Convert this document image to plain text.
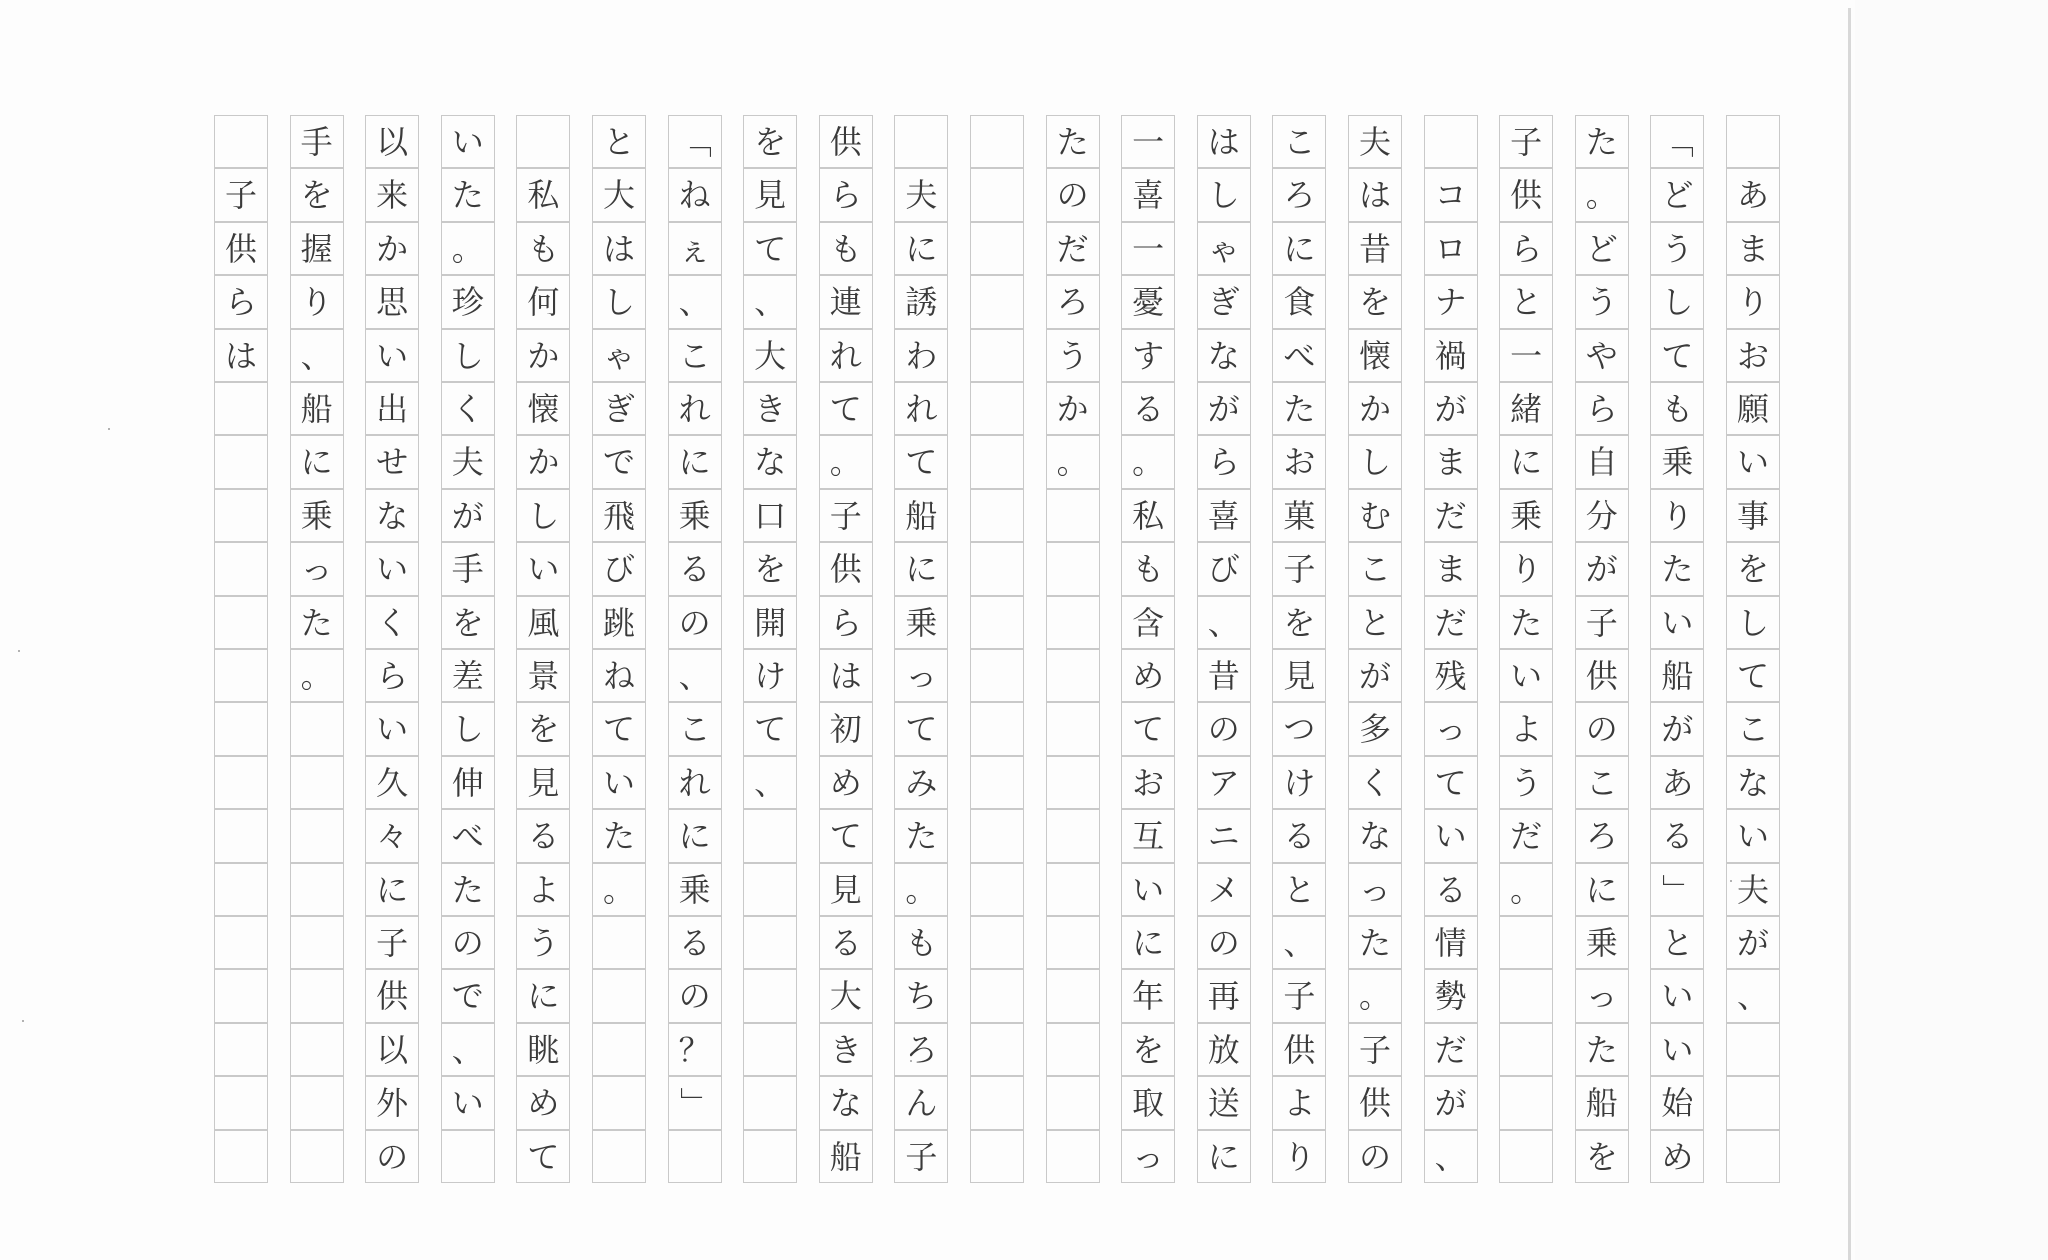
あ
ま
り
お
願
い
事
を
し
て
こ
な
い
夫
が
、
「
ど
う
し
て
も
乗
り
た
い
船
が
あ
る
」
と
い
い
始
め
た
。
ど
う
や
ら
自
分
が
子
供
の
こ
ろ
に
乗
っ
た
船
を
子
供
ら
と
一
緒
に
乗
り
た
い
よ
う
だ
。
コ
ロ
ナ
禍
が
ま
だ
ま
だ
残
っ
て
い
る
情
勢
だ
が
、
夫
は
昔
を
懐
か
し
む
こ
と
が
多
く
な
っ
た
。
子
供
の
こ
ろ
に
食
べ
た
お
菓
子
を
見
つ
け
る
と
、
子
供
よ
り
は
し
ゃ
ぎ
な
が
ら
喜
び
、
昔
の
ア
ニ
メ
の
再
放
送
に
一
喜
一
憂
す
る
。
私
も
含
め
て
お
互
い
に
年
を
取
っ
た
の
だ
ろ
う
か
。
夫
に
誘
わ
れ
て
船
に
乗
っ
て
み
た
。
も
ち
ろ
ん
子
供
ら
も
連
れ
て
。
子
供
ら
は
初
め
て
見
る
大
き
な
船
を
見
て
、
大
き
な
口
を
開
け
て
、
「
ね
ぇ
、
こ
れ
に
乗
る
の
、
こ
れ
に
乗
る
の
？
」
と
大
は
し
ゃ
ぎ
で
飛
び
跳
ね
て
い
た
。
私
も
何
か
懐
か
し
い
風
景
を
見
る
よ
う
に
眺
め
て
い
た
。
珍
し
く
夫
が
手
を
差
し
伸
べ
た
の
で
、
い
以
来
か
思
い
出
せ
な
い
く
ら
い
久
々
に
子
供
以
外
の
手
を
握
り
、
船
に
乗
っ
た
。
子
供
ら
は
